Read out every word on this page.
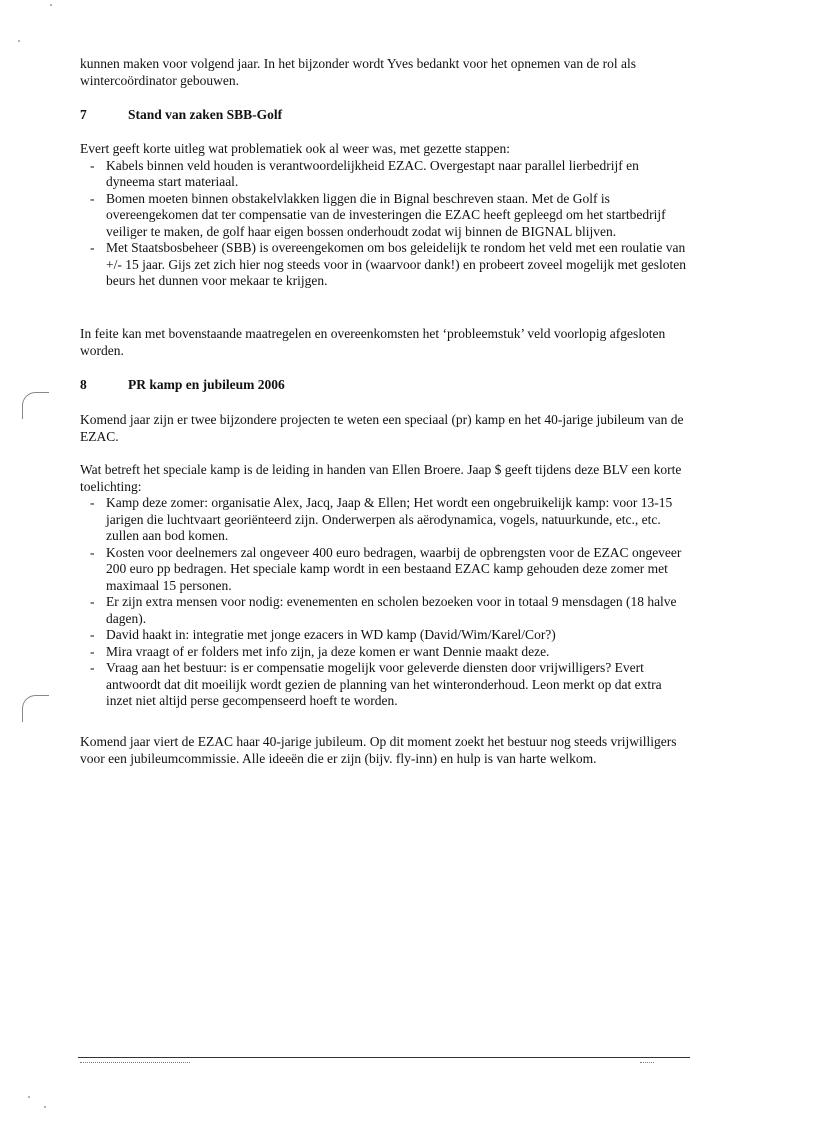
kunnen maken voor volgend jaar. In het bijzonder wordt Yves bedankt voor het opnemen van de rol als wintercoördinator gebouwen.

7	Stand van zaken SBB-Golf

Evert geeft korte uitleg wat problematiek ook al weer was, met gezette stappen:

- Kabels binnen veld houden is verantwoordelijkheid EZAC. Overgestapt naar parallel lierbedrijf en dyneema start materiaal.
- Bomen moeten binnen obstakelvlakken liggen die in Bignal beschreven staan. Met de Golf is overeengekomen dat ter compensatie van de investeringen die EZAC heeft gepleegd om het startbedrijf veiliger te maken, de golf haar eigen bossen onderhoudt zodat wij binnen de BIGNAL blijven.
- Met Staatsbosbeheer (SBB) is overeengekomen om bos geleidelijk te rondom het veld met een roulatie van +/- 15 jaar. Gijs zet zich hier nog steeds voor in (waarvoor dank!) en probeert zoveel mogelijk met gesloten beurs het dunnen voor mekaar te krijgen.

In feite kan met bovenstaande maatregelen en overeenkomsten het ‘probleemstuk’ veld voorlopig afgesloten worden.

8	PR kamp en jubileum 2006

Komend jaar zijn er twee bijzondere projecten te weten een speciaal (pr) kamp en het 40-jarige jubileum van de EZAC.

Wat betreft het speciale kamp is de leiding in handen van Ellen Broere. Jaap $ geeft tijdens deze BLV een korte toelichting:

- Kamp deze zomer: organisatie Alex, Jacq, Jaap & Ellen; Het wordt een ongebruikelijk kamp: voor 13-15 jarigen die luchtvaart georiënteerd zijn. Onderwerpen als aërodynamica, vogels, natuurkunde, etc., etc. zullen aan bod komen.
- Kosten voor deelnemers zal ongeveer 400 euro bedragen, waarbij de opbrengsten voor de EZAC ongeveer 200 euro pp bedragen. Het speciale kamp wordt in een bestaand EZAC kamp gehouden deze zomer met maximaal 15 personen.
- Er zijn extra mensen voor nodig: evenementen en scholen bezoeken voor in totaal 9 mensdagen (18 halve dagen).
- David haakt in: integratie met jonge ezacers in WD kamp (David/Wim/Karel/Cor?)
- Mira vraagt of er folders met info zijn, ja deze komen er want Dennie maakt deze.
- Vraag aan het bestuur: is er compensatie mogelijk voor geleverde diensten door vrijwilligers? Evert antwoordt dat dit moeilijk wordt gezien de planning van het winteronderhoud. Leon merkt op dat extra inzet niet altijd perse gecompenseerd hoeft te worden.

Komend jaar viert de EZAC haar 40-jarige jubileum. Op dit moment zoekt het bestuur nog steeds vrijwilligers voor een jubileumcommissie. Alle ideeën die er zijn (bijv. fly-inn) en hulp is van harte welkom.
